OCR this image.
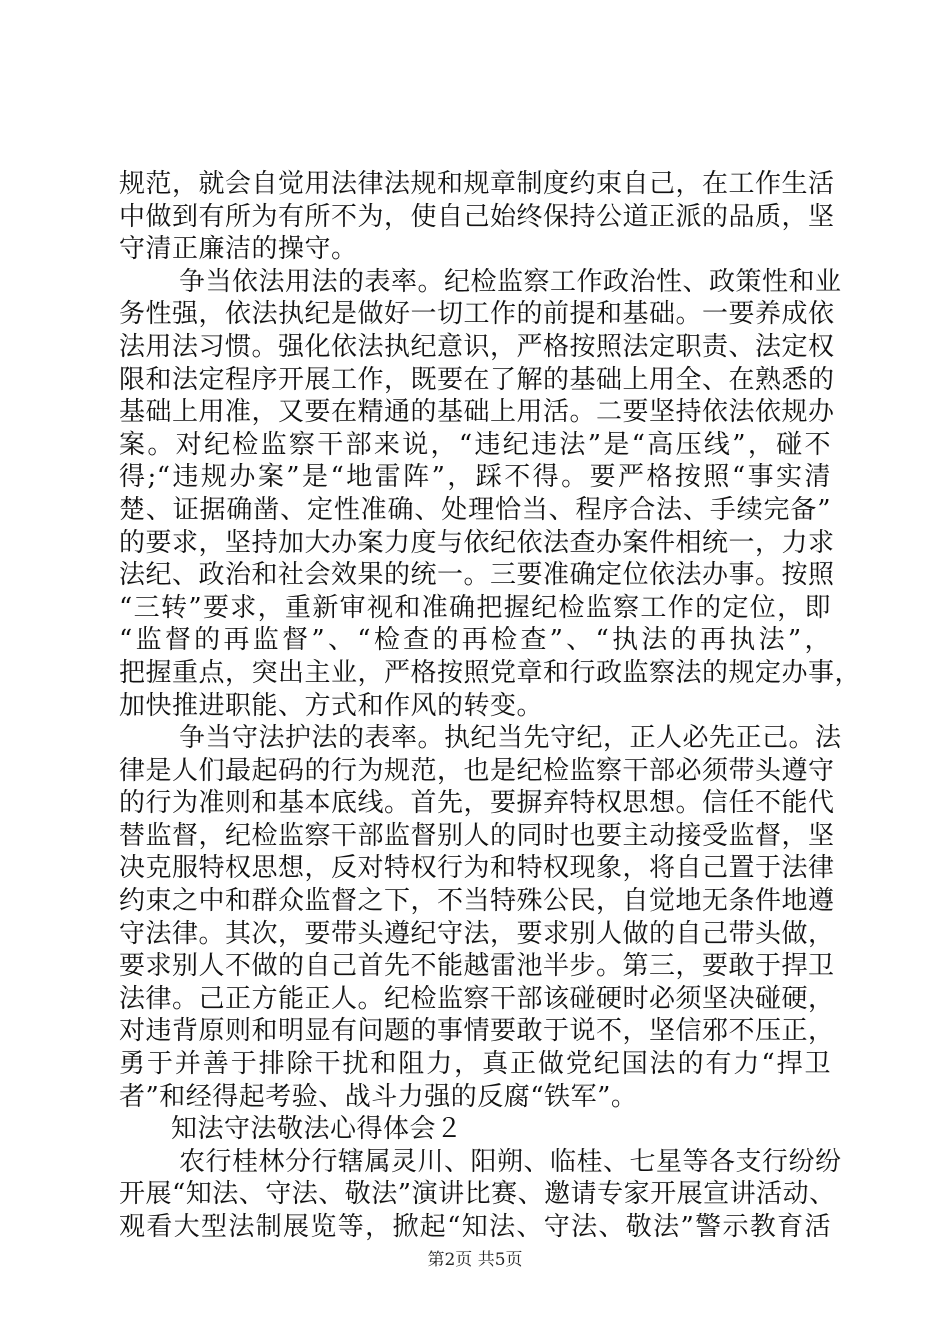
规范，就会自觉用法律法规和规章制度约束自己，在工作生活
中做到有所为有所不为，使自己始终保持公道正派的品质，坚
守清正廉洁的操守。
争当依法用法的表率。纪检监察工作政治性、政策性和业
务性强，依法执纪是做好一切工作的前提和基础。一要养成依
法用法习惯。强化依法执纪意识，严格按照法定职责、法定权
限和法定程序开展工作，既要在了解的基础上用全、在熟悉的
基础上用准，又要在精通的基础上用活。二要坚持依法依规办
案。对纪检监察干部来说，“违纪违法”是“高压线”，碰不
得;“违规办案”是“地雷阵”，踩不得。要严格按照“事实清
楚、证据确凿、定性准确、处理恰当、程序合法、手续完备”
的要求，坚持加大办案力度与依纪依法查办案件相统一，力求
法纪、政治和社会效果的统一。三要准确定位依法办事。按照
“三转”要求，重新审视和准确把握纪检监察工作的定位，即
“监督的再监督”、“检查的再检查”、“执法的再执法”，
把握重点，突出主业，严格按照党章和行政监察法的规定办事，
加快推进职能、方式和作风的转变。
争当守法护法的表率。执纪当先守纪，正人必先正己。法
律是人们最起码的行为规范，也是纪检监察干部必须带头遵守
的行为准则和基本底线。首先，要摒弃特权思想。信任不能代
替监督，纪检监察干部监督别人的同时也要主动接受监督，坚
决克服特权思想，反对特权行为和特权现象，将自己置于法律
约束之中和群众监督之下，不当特殊公民，自觉地无条件地遵
守法律。其次，要带头遵纪守法，要求别人做的自己带头做，
要求别人不做的自己首先不能越雷池半步。第三，要敢于捍卫
法律。己正方能正人。纪检监察干部该碰硬时必须坚决碰硬，
对违背原则和明显有问题的事情要敢于说不，坚信邪不压正，
勇于并善于排除干扰和阻力，真正做党纪国法的有力“捍卫
者”和经得起考验、战斗力强的反腐“铁军”。
知法守法敬法心得体会２
农行桂林分行辖属灵川、阳朔、临桂、七星等各支行纷纷
开展“知法、守法、敬法”演讲比赛、邀请专家开展宣讲活动、
观看大型法制展览等，掀起“知法、守法、敬法”警示教育活
第2页 共5页
